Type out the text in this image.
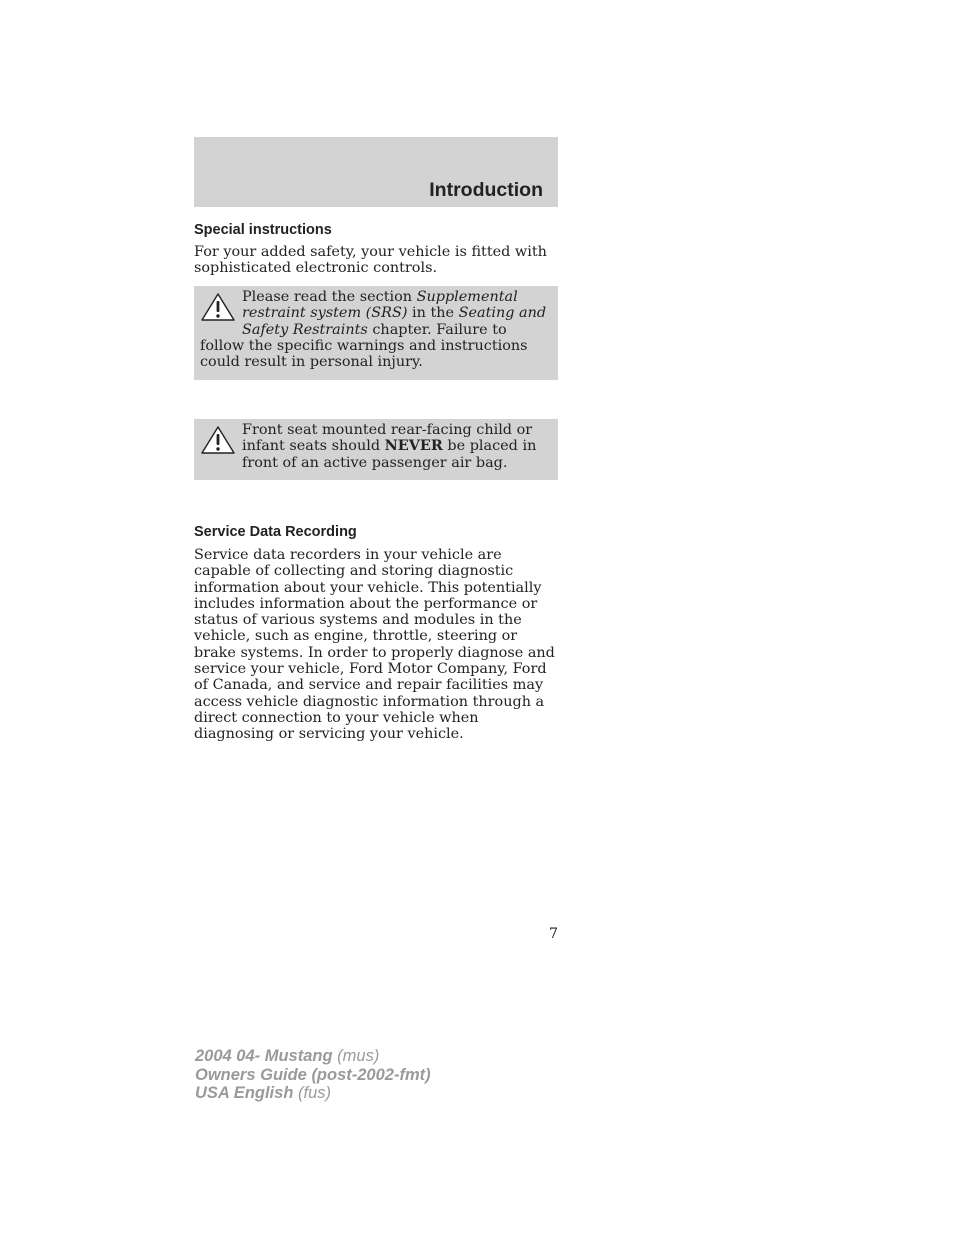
Introduction
Special instructions

For your added safety, your vehicle is fitted with sophisticated electronic controls.

Please read the section Supplemental restraint system (SRS) in the Seating and Safety Restraints chapter. Failure to follow the specific warnings and instructions could result in personal injury.

Front seat mounted rear-facing child or infant seats should NEVER be placed in front of an active passenger air bag.

Service Data Recording

Service data recorders in your vehicle are capable of collecting and storing diagnostic information about your vehicle. This potentially includes information about the performance or status of various systems and modules in the vehicle, such as engine, throttle, steering or brake systems. In order to properly diagnose and service your vehicle, Ford Motor Company, Ford of Canada, and service and repair facilities may access vehicle diagnostic information through a direct connection to your vehicle when diagnosing or servicing your vehicle.

7

2004 04- Mustang (mus)
Owners Guide (post-2002-fmt)
USA English (fus)
